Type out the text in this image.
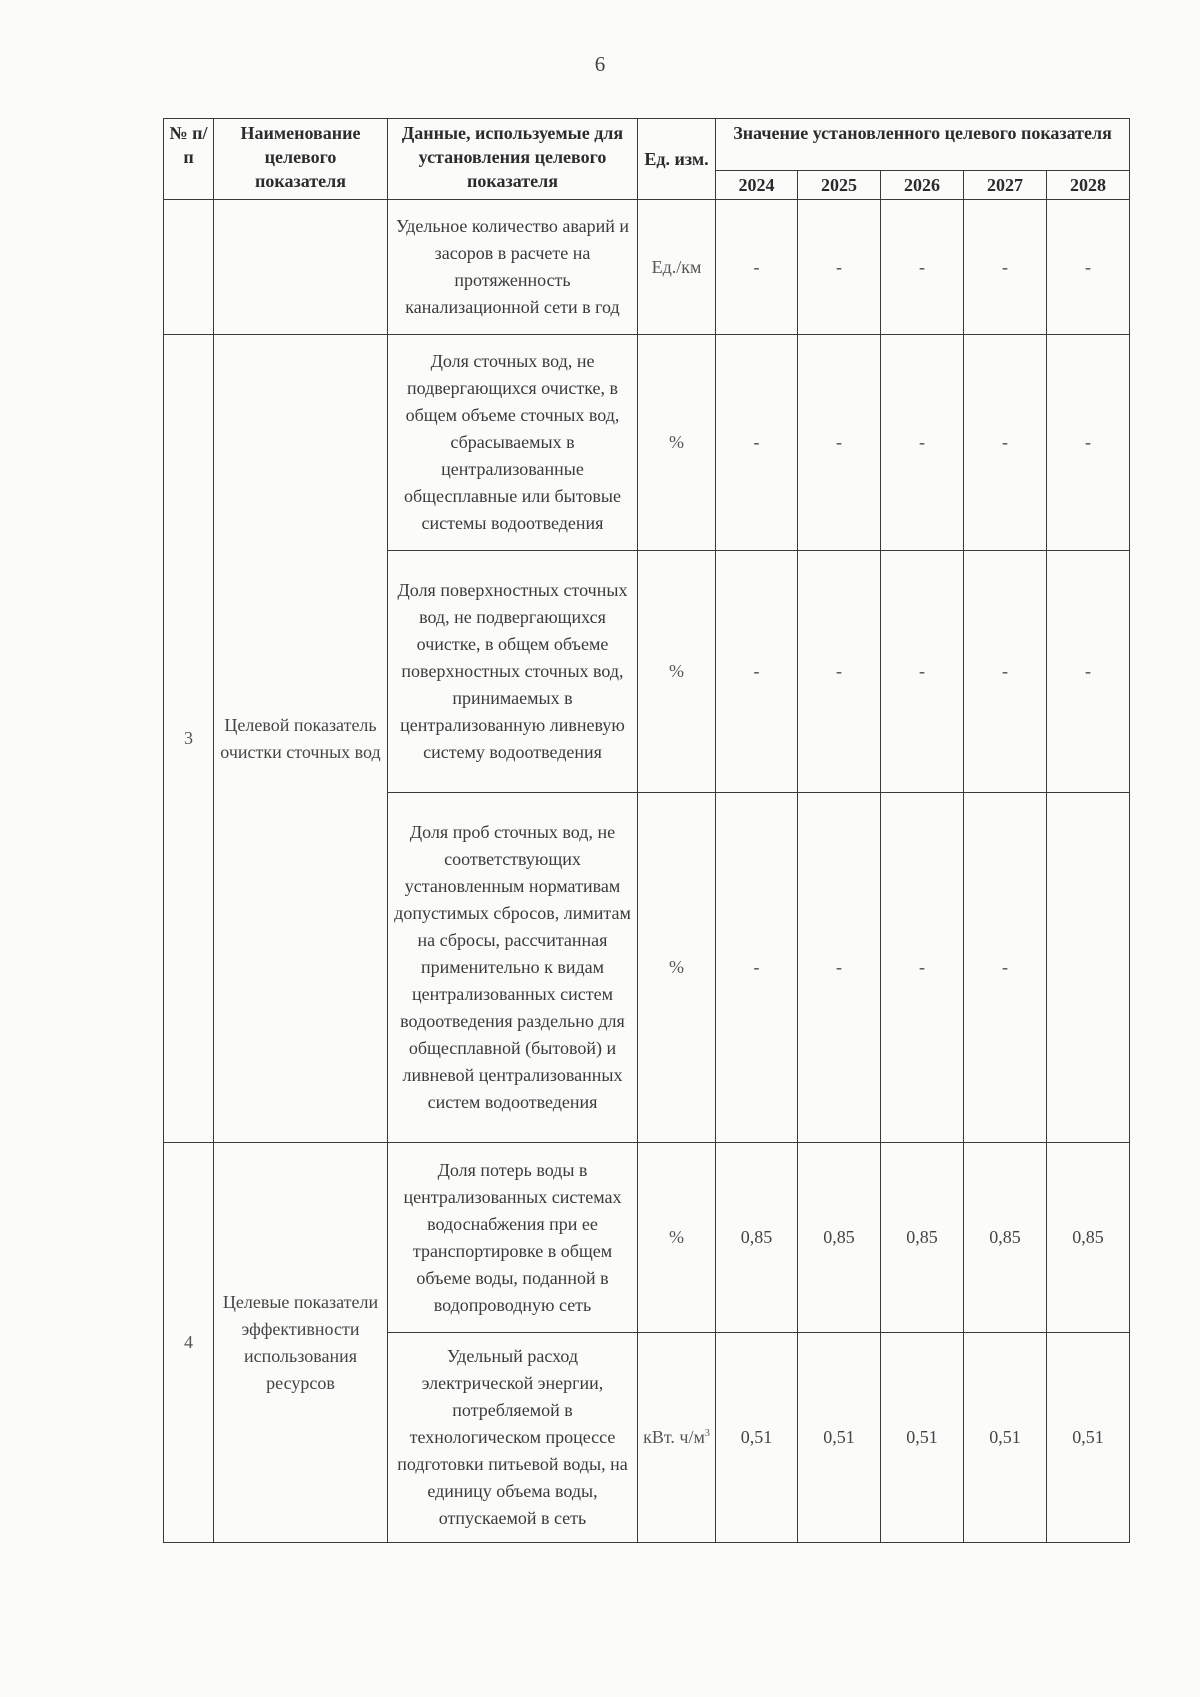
6
№ п/п	Наименование целевого показателя	Данные, используемые для установления целевого показателя	Ед. изм.	Значение установленного целевого показателя				
				2024	2025	2026	2027	2028
		Удельное количество аварий и засоров в расчете на протяженность канализационной сети в год	Ед./км	-	-	-	-	-
3	Целевой показатель очистки сточных вод	Доля сточных вод, не подвергающихся очистке, в общем объеме сточных вод, сбрасываемых в централизованные общесплавные или бытовые системы водоотведения	%	-	-	-	-	-
		Доля поверхностных сточных вод, не подвергающихся очистке, в общем объеме поверхностных сточных вод, принимаемых в централизованную ливневую систему водоотведения	%	-	-	-	-	-
		Доля проб сточных вод, не соответствующих установленным нормативам допустимых сбросов, лимитам на сбросы, рассчитанная применительно к видам централизованных систем водоотведения раздельно для общесплавной (бытовой) и ливневой централизованных систем водоотведения	%	-	-	-	-	
4	Целевые показатели эффективности использования ресурсов	Доля потерь воды в централизованных системах водоснабжения при ее транспортировке в общем объеме воды, поданной в водопроводную сеть	%	0,85	0,85	0,85	0,85	0,85
		Удельный расход электрической энергии, потребляемой в технологическом процессе подготовки питьевой воды, на единицу объема воды, отпускаемой в сеть	кВт. $ч/м^3$	0,51	0,51	0,51	0,51	0,51
